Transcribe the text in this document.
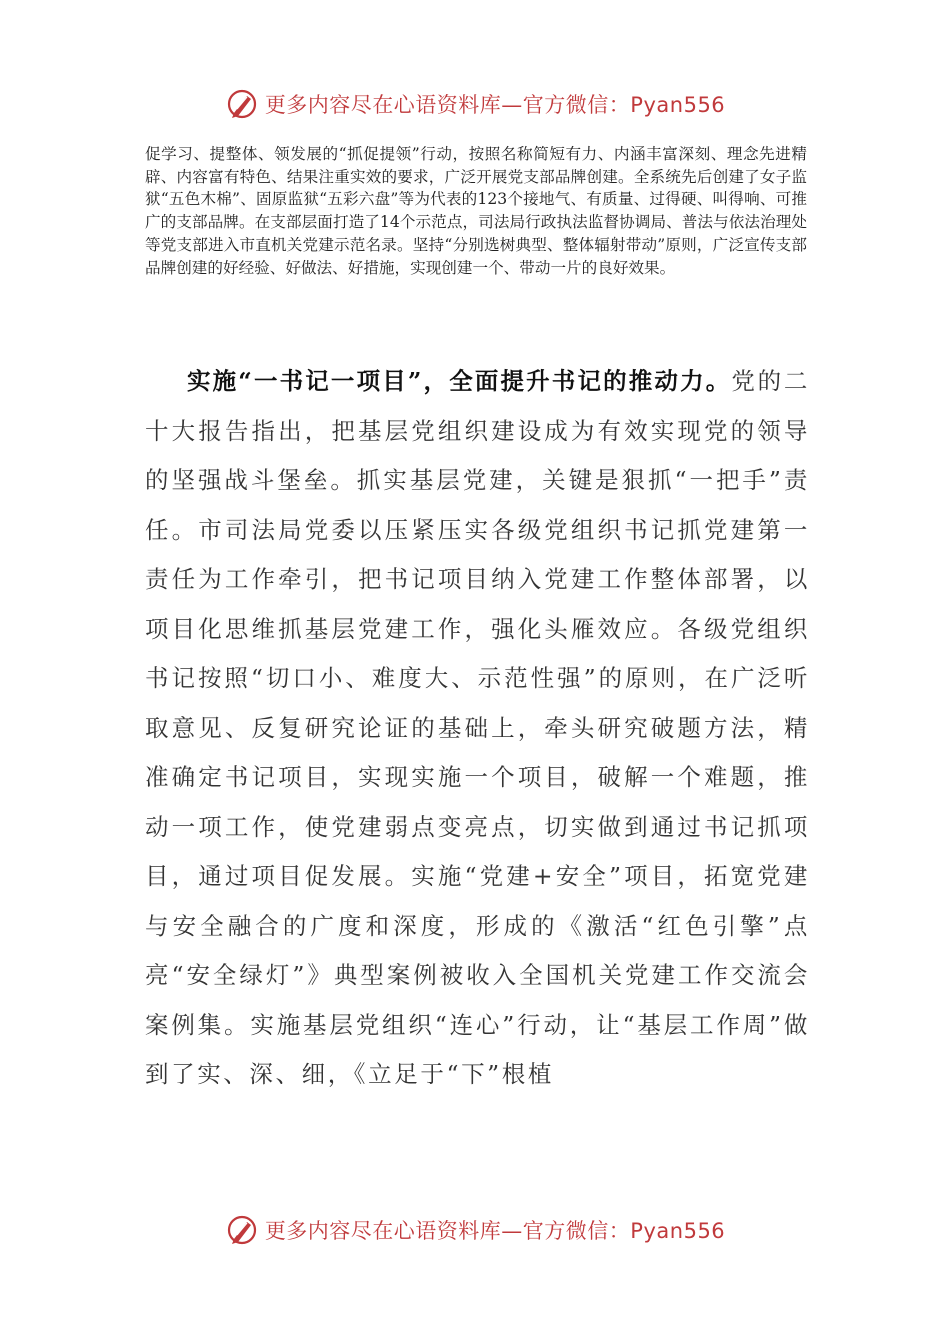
更多内容尽在心语资料库—官方微信：Pyan556

促学习、提整体、领发展的“抓促提领”行动，按照名称简短有力、内涵丰富深刻、理念先进精辟、内容富有特色、结果注重实效的要求，广泛开展党支部品牌创建。全系统先后创建了女子监狱“五色木棉”、固原监狱“五彩六盘”等为代表的123个接地气、有质量、过得硬、叫得响、可推广的支部品牌。在支部层面打造了14个示范点，司法局行政执法监督协调局、普法与依法治理处等党支部进入市直机关党建示范名录。坚持“分别选树典型、整体辐射带动”原则，广泛宣传支部品牌创建的好经验、好做法、好措施，实现创建一个、带动一片的良好效果。

实施“一书记一项目”，全面提升书记的推动力。党的二十大报告指出，把基层党组织建设成为有效实现党的领导的坚强战斗堡垒。抓实基层党建，关键是狠抓“一把手”责任。市司法局党委以压紧压实各级党组织书记抓党建第一责任为工作牵引，把书记项目纳入党建工作整体部署，以项目化思维抓基层党建工作，强化头雁效应。各级党组织书记按照“切口小、难度大、示范性强”的原则，在广泛听取意见、反复研究论证的基础上，牵头研究破题方法，精准确定书记项目，实现实施一个项目，破解一个难题，推动一项工作，使党建弱点变亮点，切实做到通过书记抓项目，通过项目促发展。实施“党建+安全”项目，拓宽党建与安全融合的广度和深度，形成的《激活“红色引擎”点亮“安全绿灯”》典型案例被收入全国机关党建工作交流会案例集。实施基层党组织“连心”行动，让“基层工作周”做到了实、深、细，《立足于“下”根植

更多内容尽在心语资料库—官方微信：Pyan556
